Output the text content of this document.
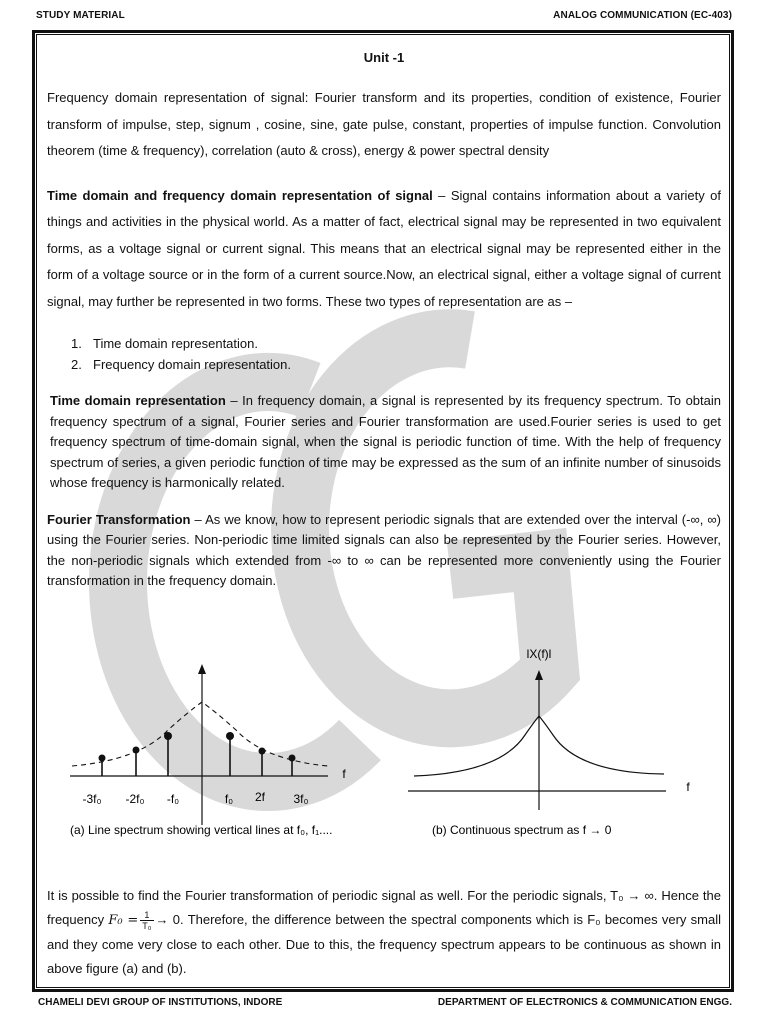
STUDY MATERIAL	ANALOG COMMUNICATION (EC-403)
Unit -1

Frequency domain representation of signal: Fourier transform and its properties, condition of existence, Fourier transform of impulse, step, signum , cosine, sine, gate pulse, constant, properties of impulse function. Convolution theorem (time & frequency), correlation (auto & cross), energy & power spectral density

Time domain and frequency domain representation of signal – Signal contains information about a variety of things and activities in the physical world. As a matter of fact, electrical signal may be represented in two equivalent forms, as a voltage signal or current signal. This means that an electrical signal may be represented either in the form of a voltage source or in the form of a current source.Now, an electrical signal, either a voltage signal of current signal, may further be represented in two forms. These two types of representation are as –

1. Time domain representation.
2. Frequency domain representation.

Time domain representation – In frequency domain, a signal is represented by its frequency spectrum. To obtain frequency spectrum of a signal, Fourier series and Fourier transformation are used.Fourier series is used to get frequency spectrum of time-domain signal, when the signal is periodic function of time. With the help of frequency spectrum of series, a given periodic function of time may be expressed as the sum of an infinite number of sinusoids whose frequency is harmonically related.

Fourier Transformation – As we know, how to represent periodic signals that are extended over the interval (-∞, ∞) using the Fourier series. Non-periodic time limited signals can also be represented by the Fourier series. However, the non-periodic signals which extended from -∞ to ∞ can be represented more conveniently using the Fourier transformation in the frequency domain.

-3f₀ -2f₀ -f₀	f₀ 2f 3f₀
f
lX(f)l
f
(a) Line spectrum showing vertical lines at f₀, f₁....	(b) Continuous spectrum as f → 0

It is possible to find the Fourier transformation of periodic signal as well. For the periodic signals, T₀ → ∞. Hence the frequency $F_0 = \frac{1}{\text{T₀}} \to 0$. Therefore, the difference between the spectral components which is F₀ becomes very small and they come very close to each other. Due to this, the frequency spectrum appears to be continuous as shown in above figure (a) and (b).

CHAMELI DEVI GROUP OF INSTITUTIONS, INDORE	DEPARTMENT OF ELECTRONICS & COMMUNICATION ENGG.
